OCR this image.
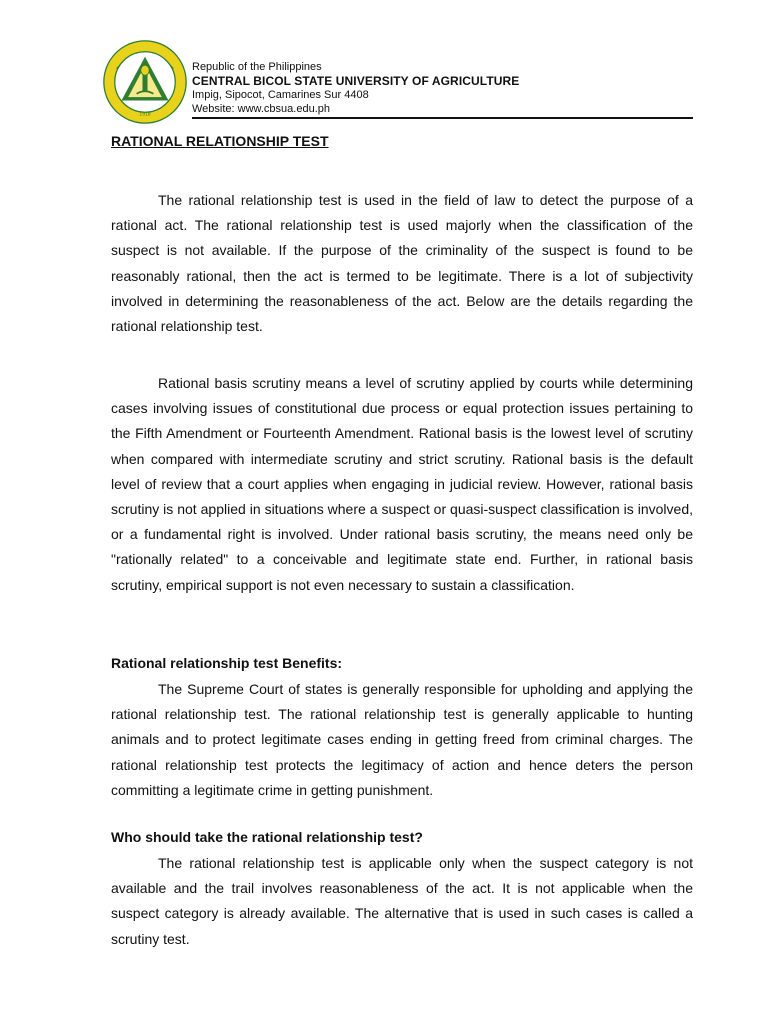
1918
Republic of the Philippines
CENTRAL BICOL STATE UNIVERSITY OF AGRICULTURE
Impig, Sipocot, Camarines Sur 4408
Website: www.cbsua.edu.ph
RATIONAL RELATIONSHIP TEST

The rational relationship test is used in the field of law to detect the purpose of a rational act. The rational relationship test is used majorly when the classification of the suspect is not available. If the purpose of the criminality of the suspect is found to be reasonably rational, then the act is termed to be legitimate. There is a lot of subjectivity involved in determining the reasonableness of the act. Below are the details regarding the rational relationship test.

Rational basis scrutiny means a level of scrutiny applied by courts while determining cases involving issues of constitutional due process or equal protection issues pertaining to the Fifth Amendment or Fourteenth Amendment. Rational basis is the lowest level of scrutiny when compared with intermediate scrutiny and strict scrutiny. Rational basis is the default level of review that a court applies when engaging in judicial review. However, rational basis scrutiny is not applied in situations where a suspect or quasi-suspect classification is involved, or a fundamental right is involved. Under rational basis scrutiny, the means need only be "rationally related" to a conceivable and legitimate state end. Further, in rational basis scrutiny, empirical support is not even necessary to sustain a classification.

Rational relationship test Benefits:

The Supreme Court of states is generally responsible for upholding and applying the rational relationship test. The rational relationship test is generally applicable to hunting animals and to protect legitimate cases ending in getting freed from criminal charges. The rational relationship test protects the legitimacy of action and hence deters the person committing a legitimate crime in getting punishment.

Who should take the rational relationship test?

The rational relationship test is applicable only when the suspect category is not available and the trail involves reasonableness of the act. It is not applicable when the suspect category is already available. The alternative that is used in such cases is called a scrutiny test.
